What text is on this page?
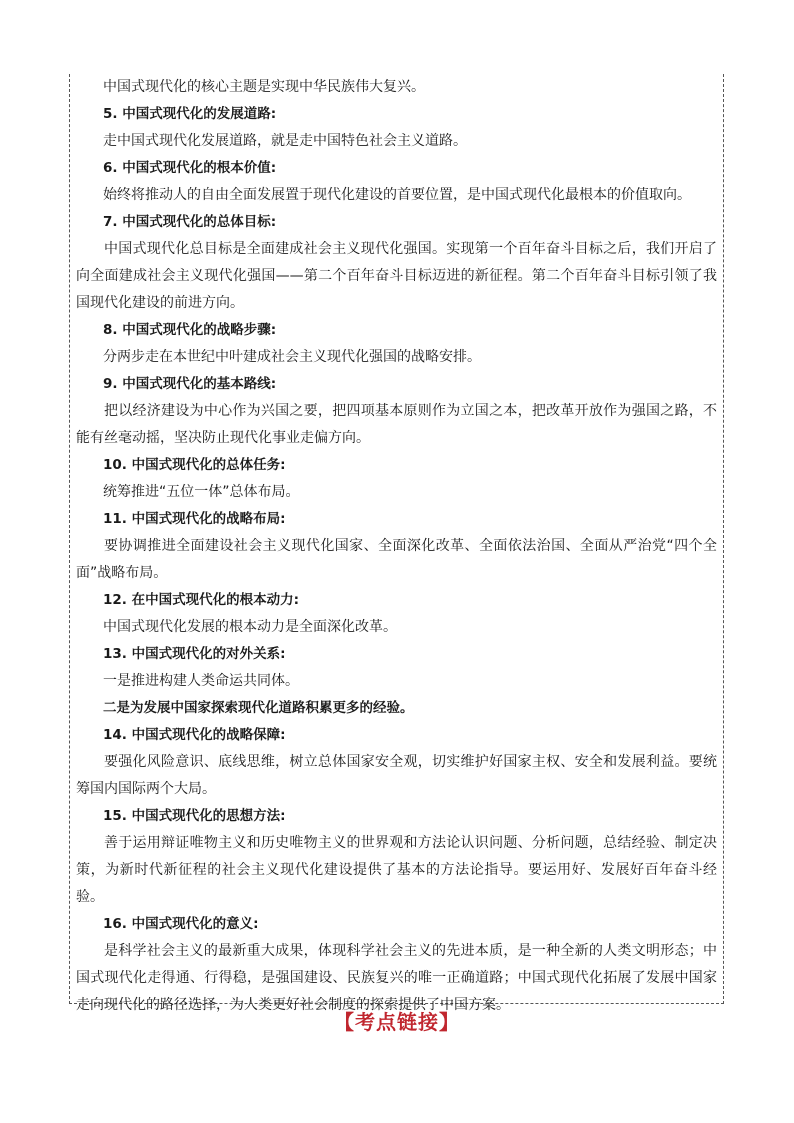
中国式现代化的核心主题是实现中华民族伟大复兴。
5. 中国式现代化的发展道路:
走中国式现代化发展道路，就是走中国特色社会主义道路。
6. 中国式现代化的根本价值:
始终将推动人的自由全面发展置于现代化建设的首要位置，是中国式现代化最根本的价值取向。
7. 中国式现代化的总体目标:
中国式现代化总目标是全面建成社会主义现代化强国。实现第一个百年奋斗目标之后，我们开启了向全面建成社会主义现代化强国——第二个百年奋斗目标迈进的新征程。第二个百年奋斗目标引领了我国现代化建设的前进方向。
8. 中国式现代化的战略步骤:
分两步走在本世纪中叶建成社会主义现代化强国的战略安排。
9. 中国式现代化的基本路线:
把以经济建设为中心作为兴国之要，把四项基本原则作为立国之本，把改革开放作为强国之路，不能有丝毫动摇，坚决防止现代化事业走偏方向。
10. 中国式现代化的总体任务:
统筹推进“五位一体”总体布局。
11. 中国式现代化的战略布局:
要协调推进全面建设社会主义现代化国家、全面深化改革、全面依法治国、全面从严治党“四个全面”战略布局。
12. 在中国式现代化的根本动力:
中国式现代化发展的根本动力是全面深化改革。
13. 中国式现代化的对外关系:
一是推进构建人类命运共同体。
二是为发展中国家探索现代化道路积累更多的经验。
14. 中国式现代化的战略保障:
要强化风险意识、底线思维，树立总体国家安全观，切实维护好国家主权、安全和发展利益。要统筹国内国际两个大局。
15. 中国式现代化的思想方法:
善于运用辩证唯物主义和历史唯物主义的世界观和方法论认识问题、分析问题，总结经验、制定决策，为新时代新征程的社会主义现代化建设提供了基本的方法论指导。要运用好、发展好百年奋斗经验。
16. 中国式现代化的意义:
是科学社会主义的最新重大成果，体现科学社会主义的先进本质，是一种全新的人类文明形态；中国式现代化走得通、行得稳，是强国建设、民族复兴的唯一正确道路；中国式现代化拓展了发展中国家走向现代化的路径选择，为人类更好社会制度的探索提供了中国方案。
【考点链接】
